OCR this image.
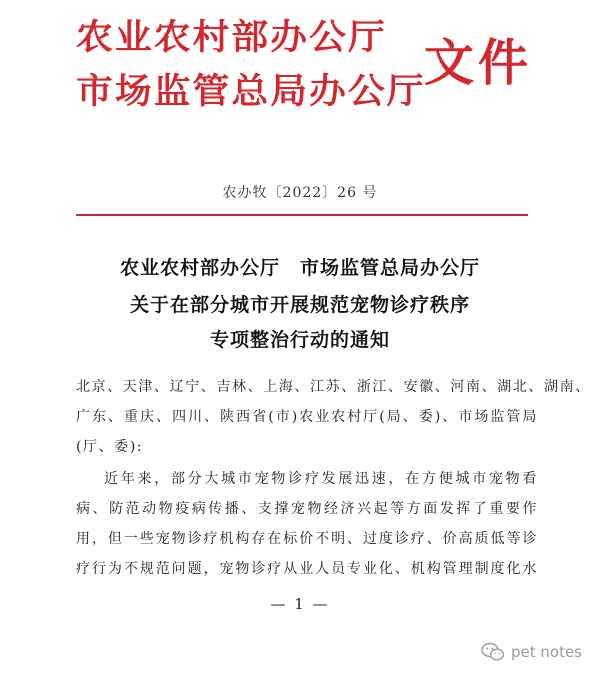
农业农村部办公厅
市场监管总局办公厅
文件
农办牧〔2022〕26 号
农业农村部办公厅　市场监管总局办公厅
关于在部分城市开展规范宠物诊疗秩序
专项整治行动的通知
北京、天津、辽宁、吉林、上海、江苏、浙江、安徽、河南、湖北、湖南、
广东、重庆、四川、陕西省(市)农业农村厅(局、委)、市场监管局
(厅、委):
近年来，部分大城市宠物诊疗发展迅速，在方便城市宠物看
病、防范动物疫病传播、支撑宠物经济兴起等方面发挥了重要作
用，但一些宠物诊疗机构存在标价不明、过度诊疗、价高质低等诊
疗行为不规范问题，宠物诊疗从业人员专业化、机构管理制度化水
— 1 —
pet notes
